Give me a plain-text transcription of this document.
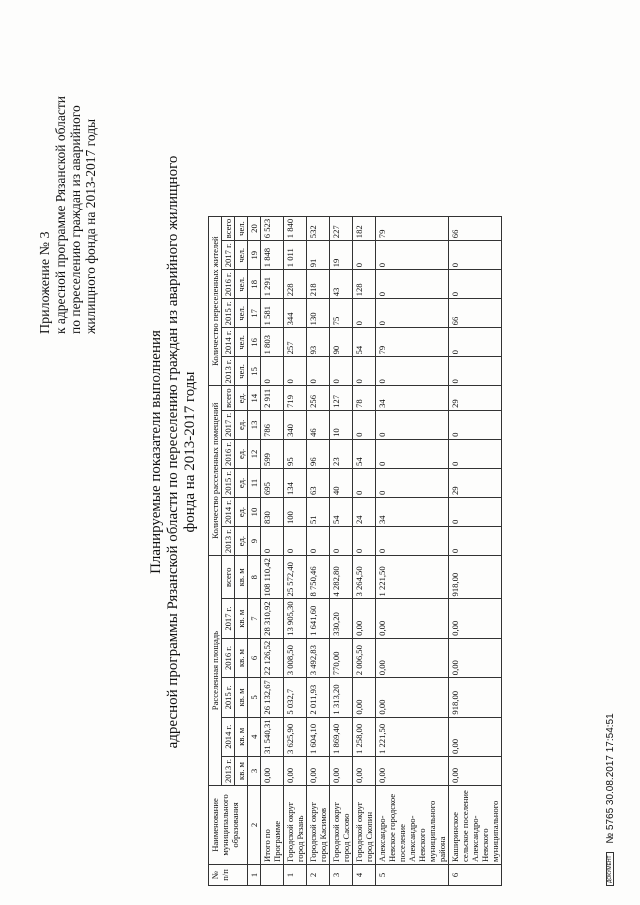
Приложение № 3 к адресной программе Рязанской области по переселению граждан из аварийного жилищного фонда на 2013-2017 годы
Планируемые показатели выполнения адресной программы Рязанской области по переселению граждан из аварийного жилищного фонда на 2013-2017 годы
№ п/п	Наименование муниципального образования	Расселенная площадь						Количество расселенных помещений						Количество переселенных жителей					
		2013 г.	2014 г.	2015 г.	2016 г.	2017 г.	всего	2013 г.	2014 г.	2015 г.	2016 г.	2017 г.	всего	2013 г.	2014 г.	2015 г.	2016 г.	2017 г.	всего
		кв. м	кв. м	кв. м	кв. м	кв. м	кв. м	ед.	ед.	ед.	ед.	ед.	ед.	чел.	чел.	чел.	чел.	чел.	чел.
1	2	3	4	5	6	7	8	9	10	11	12	13	14	15	16	17	18	19	20
	Итого по Программе	0,00	31 540,31	26 132,67	22 126,52	28 310,92	108 110,42	0	830	695	599	786	2 911	0	1 803	1 581	1 291	1 848	6 523
1	Городской округ город Рязань	0,00	3 625,90	5 032,7	3 008,50	13 905,30	25 572,40	0	100	134	95	340	719	0	257	344	228	1 011	1 840
2	Городской округ город Касимов	0,00	1 604,10	2 011,93	3 492,83	1 641,60	8 750,46	0	51	63	96	46	256	0	93	130	218	91	532
3	Городской округ город Сасово	0,00	1 869,40	1 313,20	770,00	330,20	4 282,80	0	54	40	23	10	127	0	90	75	43	19	227
4	Городской округ город Скопин	0,00	1 258,00	0,00	2 006,50	0,00	3 264,50	0	24	0	54	0	78	0	54	0	128	0	182
5	Александро-Невское городское поселение Александро-Невского муниципального района	0,00	1 221,50	0,00	0,00	0,00	1 221,50	0	34	0	0	0	34	0	79	0	0	0	79
6	Каширинское сельское поселение Александро-Невского муниципального	0,00	0,00	918,00	0,00	0,00	918,00	0	0	29	0	0	29	0	0	66	0	0	66
ДОКУМЕНТ № 5765 30.08.2017 17:54:51
